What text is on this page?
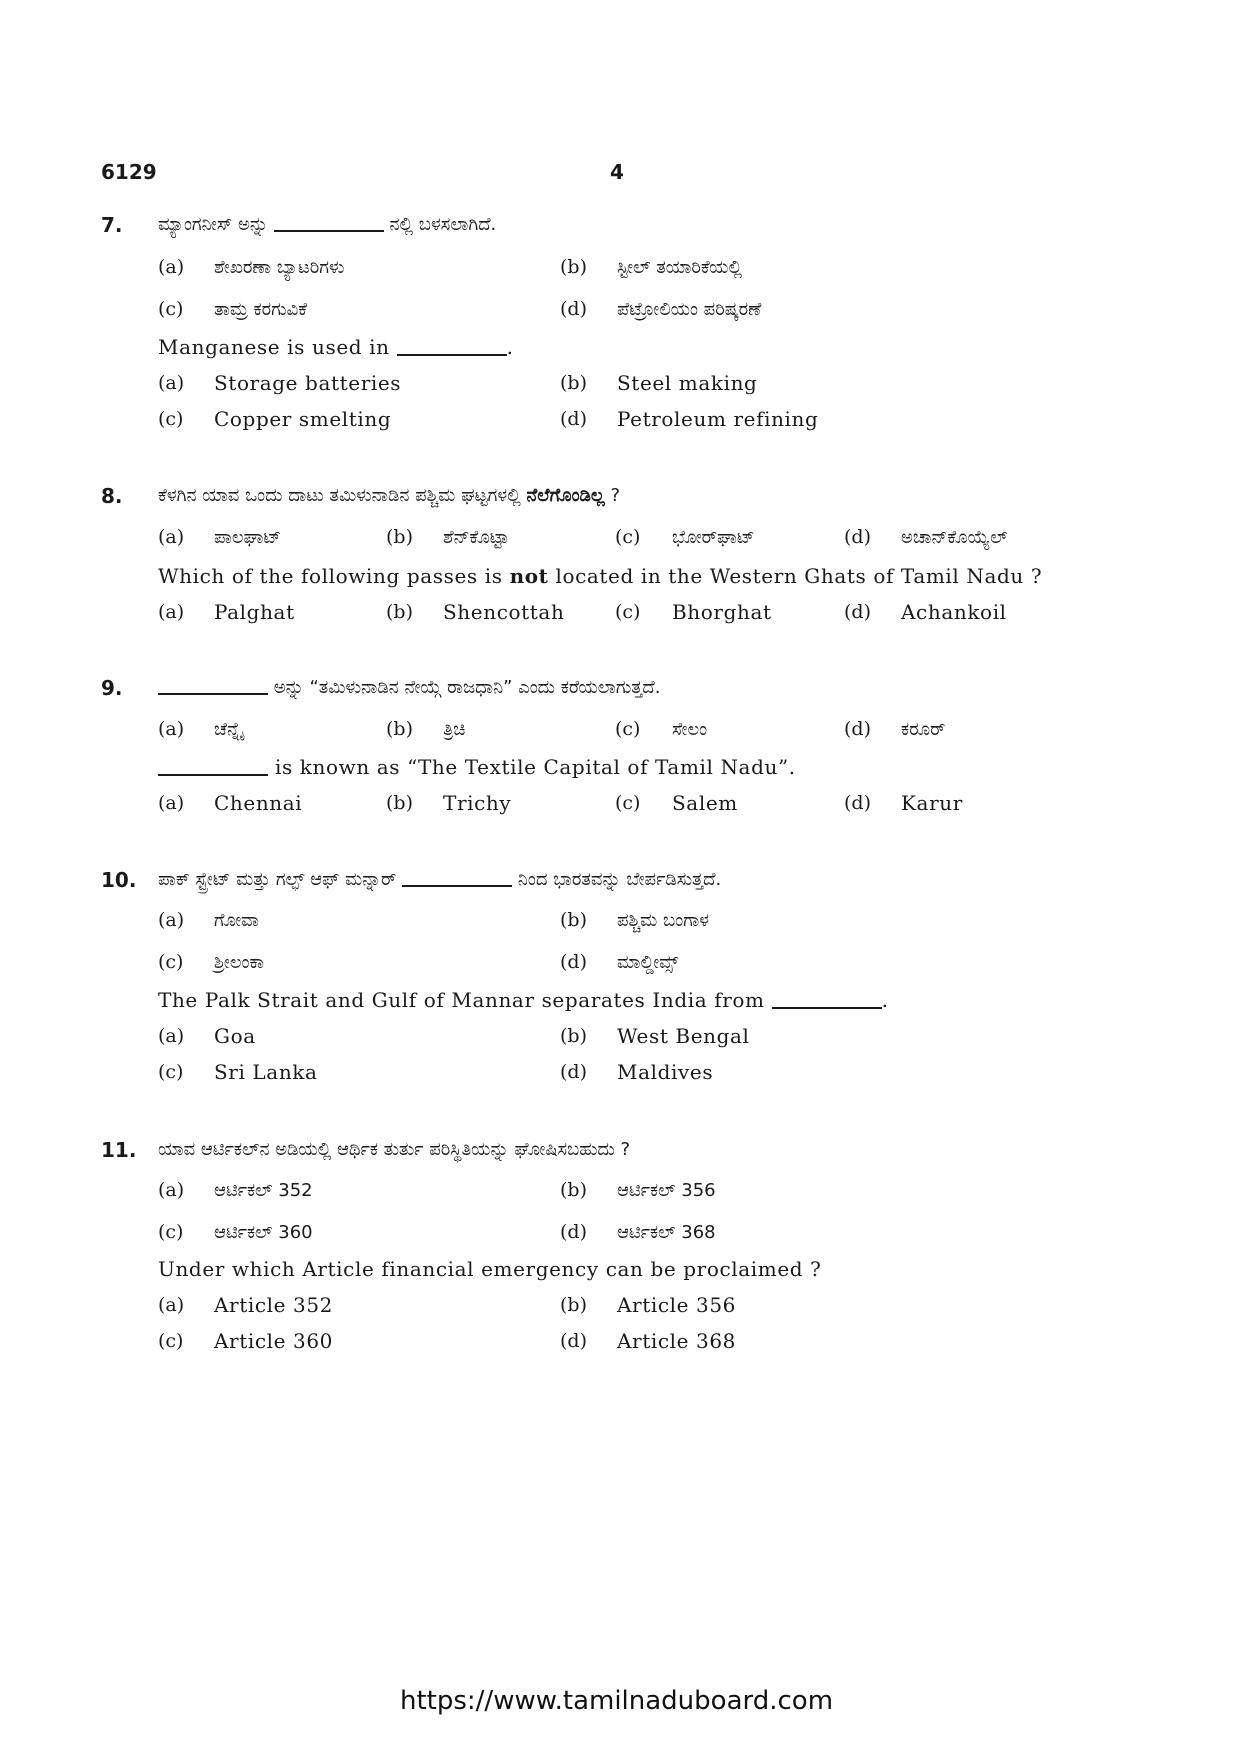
6129	4
7. ಮ್ಯಾಂಗನೀಸ್ ಅನ್ನು	ನಲ್ಲಿ ಬಳಸಲಾಗಿದೆ.
(a) ಶೇಖರಣಾ ಬ್ಯಾಟರಿಗಳು	(b) ಸ್ಟೀಲ್ ತಯಾರಿಕೆಯಲ್ಲಿ
(c) ತಾಮ್ರ ಕರಗುವಿಕೆ	(d) ಪೆಟ್ರೋಲಿಯಂ ಪರಿಷ್ಕರಣೆ
Manganese is used in	.
(a) Storage batteries	(b) Steel making
(c) Copper smelting	(d) Petroleum refining
8. ಕೆಳಗಿನ ಯಾವ ಒಂದು ದಾಟು ತಮಿಳುನಾಡಿನ ಪಶ್ಚಿಮ ಘಟ್ಟಗಳಲ್ಲಿ ನೆಲೆಗೊಂಡಿಲ್ಲ ?
(a) ಪಾಲಘಾಟ್	(b) ಶೆನ್‌ಕೊಟ್ಟಾ	(c) ಭೋರ್‌ಘಾಟ್	(d) ಅಚಾನ್‌ಕೊಯ್ಯೆಲ್
Which of the following passes is not located in the Western Ghats of Tamil Nadu ?
(a) Palghat	(b) Shencottah	(c) Bhorghat	(d) Achankoil
9.	ಅನ್ನು “ತಮಿಳುನಾಡಿನ ನೇಯ್ಗೆ ರಾಜಧಾನಿ” ಎಂದು ಕರೆಯಲಾಗುತ್ತದೆ.
(a) ಚೆನ್ನೈ	(b) ತ್ರಿಚಿ	(c) ಸೇಲಂ	(d) ಕರೂರ್
is known as “The Textile Capital of Tamil Nadu”.
(a) Chennai	(b) Trichy	(c) Salem	(d) Karur
10. ಪಾಕ್ ಸ್ಟ್ರೇಟ್ ಮತ್ತು ಗಲ್ಫ್ ಆಫ್ ಮನ್ನಾರ್	ನಿಂದ ಭಾರತವನ್ನು ಬೇರ್ಪಡಿಸುತ್ತದೆ.
(a) ಗೋವಾ	(b) ಪಶ್ಚಿಮ ಬಂಗಾಳ
(c) ಶ್ರೀಲಂಕಾ	(d) ಮಾಲ್ಡೀವ್ಸ್
The Palk Strait and Gulf of Mannar separates India from	.
(a) Goa	(b) West Bengal
(c) Sri Lanka	(d) Maldives
11. ಯಾವ ಆರ್ಟಿಕಲ್‌ನ ಅಡಿಯಲ್ಲಿ ಆರ್ಥಿಕ ತುರ್ತು ಪರಿಸ್ಥಿತಿಯನ್ನು ಘೋಷಿಸಬಹುದು ?
(a) ಆರ್ಟಿಕಲ್ 352	(b) ಆರ್ಟಿಕಲ್ 356
(c) ಆರ್ಟಿಕಲ್ 360	(d) ಆರ್ಟಿಕಲ್ 368
Under which Article financial emergency can be proclaimed ?
(a) Article 352	(b) Article 356
(c) Article 360	(d) Article 368
https://www.tamilnaduboard.com
